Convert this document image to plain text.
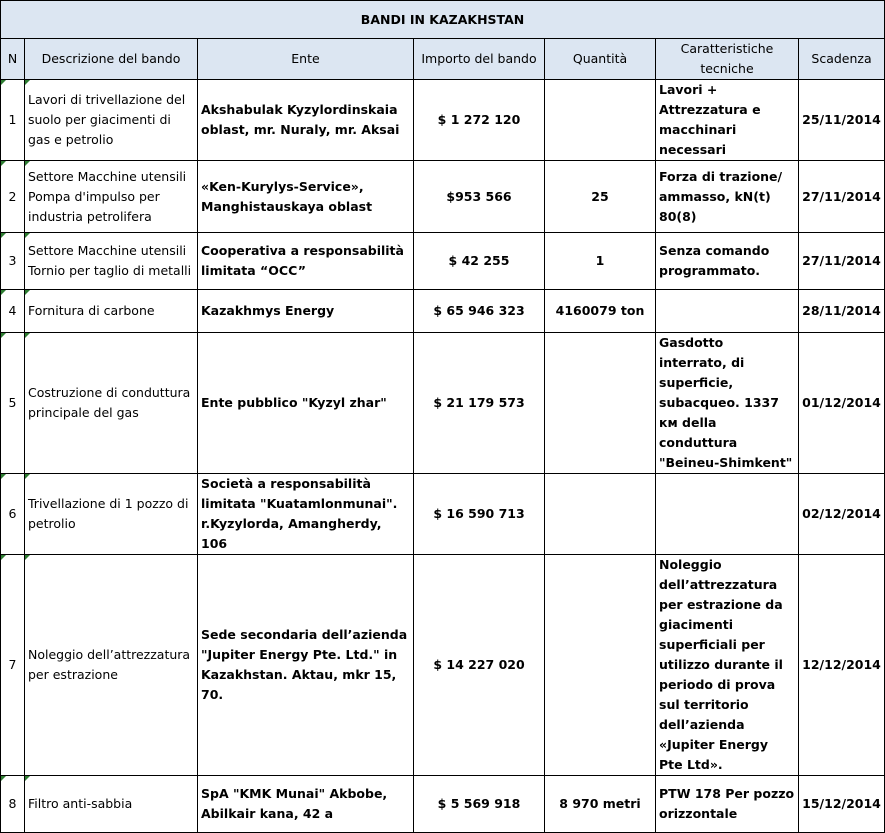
BANDI IN KAZAKHSTAN						
N	Descrizione del bando	Ente	Importo del bando	Quantità	Caratteristiche tecniche	Scadenza
1	Lavori di trivellazione del suolo per giacimenti di gas e petrolio	Akshabulak Kyzylordinskaia oblast, mr. Nuraly, mr. Aksai	$ 1 272 120		Lavori + Attrezzatura e macchinari necessari	25/11/2014
2	Settore Macchine utensili Pompa d'impulso per industria petrolifera	«Ken-Kurylys-Service», Manghistauskaya oblast	$953 566	25	Forza di trazione/ ammasso, kN(t) 80(8)	27/11/2014
3	Settore Macchine utensili Tornio per taglio di metalli	Cooperativa a responsabilità limitata “OCC”	$ 42 255	1	Senza comando programmato.	27/11/2014
4	Fornitura di carbone	Kazakhmys Energy	$ 65 946 323	4160079 ton		28/11/2014
5	Costruzione di conduttura principale del gas	Ente pubblico "Kyzyl zhar"	$ 21 179 573		Gasdotto interrato, di superficie, subacqueo. 1337 км della conduttura "Beineu-Shimkent"	01/12/2014
6	Trivellazione di 1 pozzo di petrolio	Società a responsabilità limitata "Kuatamlonmunai". r.Kyzylorda, Amangherdy, 106	$ 16 590 713			02/12/2014
7	Noleggio dell’attrezzatura per estrazione	Sede secondaria dell’azienda "Jupiter Energy Pte. Ltd." in Kazakhstan. Aktau, mkr 15, 70.	$ 14 227 020		Noleggio dell’attrezzatura per estrazione da giacimenti superficiali per utilizzo durante il periodo di prova sul territorio dell’azienda «Jupiter Energy Pte Ltd».	12/12/2014
8	Filtro anti-sabbia	SpA "KMK Munai" Akbobe, Abilkair kana, 42 a	$ 5 569 918	8 970 metri	PTW 178 Per pozzo orizzontale	15/12/2014
